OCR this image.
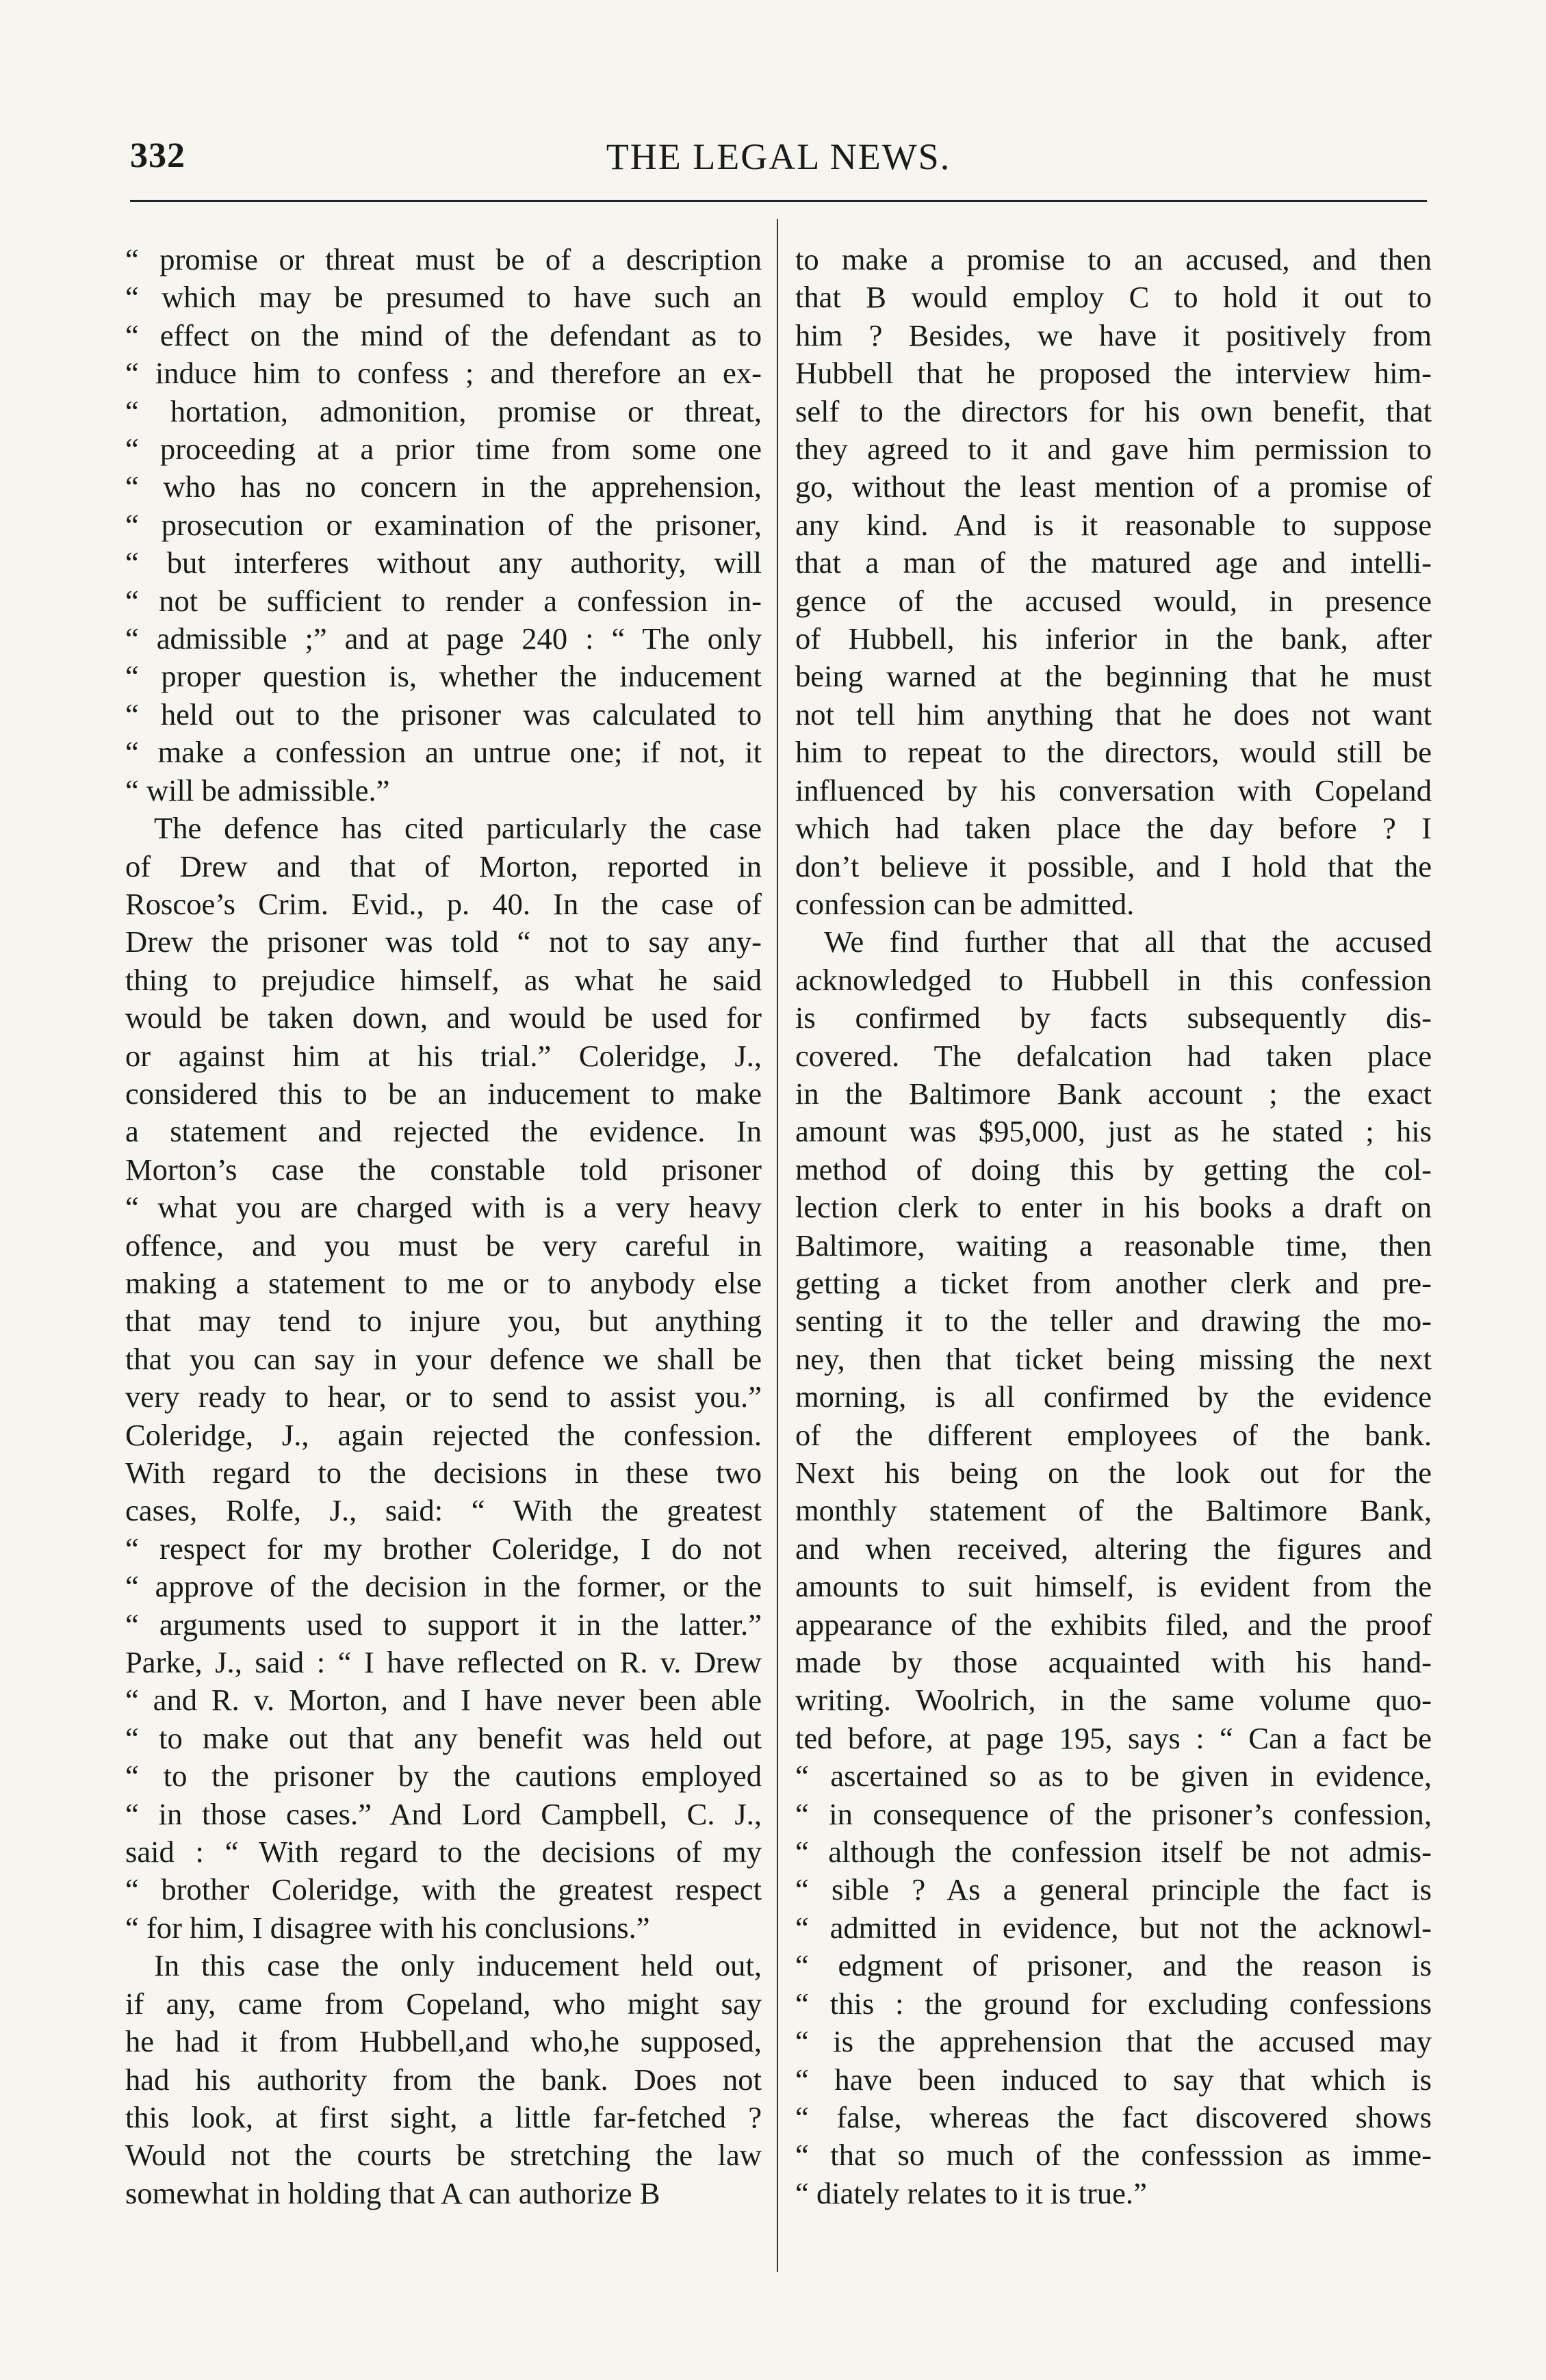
332	THE LEGAL NEWS.
“ promise or threat must be of a description
“ which may be presumed to have such an
“ effect on the mind of the defendant as to
“ induce him to confess ; and therefore an ex-
“ hortation, admonition, promise or threat,
“ proceeding at a prior time from some one
“ who has no concern in the apprehension,
“ prosecution or examination of the prisoner,
“ but interferes without any authority, will
“ not be sufficient to render a confession in-
“ admissible ;” and at page 240 : “ The only
“ proper question is, whether the inducement
“ held out to the prisoner was calculated to
“ make a confession an untrue one; if not, it
“ will be admissible.”
The defence has cited particularly the case
of Drew and that of Morton, reported in
Roscoe’s Crim. Evid., p. 40. In the case of
Drew the prisoner was told “ not to say any-
thing to prejudice himself, as what he said
would be taken down, and would be used for
or against him at his trial.” Coleridge, J.,
considered this to be an inducement to make
a statement and rejected the evidence. In
Morton’s case the constable told prisoner
“ what you are charged with is a very heavy
offence, and you must be very careful in
making a statement to me or to anybody else
that may tend to injure you, but anything
that you can say in your defence we shall be
very ready to hear, or to send to assist you.”
Coleridge, J., again rejected the confession.
With regard to the decisions in these two
cases, Rolfe, J., said: “ With the greatest
“ respect for my brother Coleridge, I do not
“ approve of the decision in the former, or the
“ arguments used to support it in the latter.”
Parke, J., said : “ I have reflected on R. v. Drew
“ and R. v. Morton, and I have never been able
“ to make out that any benefit was held out
“ to the prisoner by the cautions employed
“ in those cases.” And Lord Campbell, C. J.,
said : “ With regard to the decisions of my
“ brother Coleridge, with the greatest respect
“ for him, I disagree with his conclusions.”
In this case the only inducement held out,
if any, came from Copeland, who might say
he had it from Hubbell,and who,he supposed,
had his authority from the bank. Does not
this look, at first sight, a little far-fetched ?
Would not the courts be stretching the law
somewhat in holding that A can authorize B
to make a promise to an accused, and then
that B would employ C to hold it out to
him ? Besides, we have it positively from
Hubbell that he proposed the interview him-
self to the directors for his own benefit, that
they agreed to it and gave him permission to
go, without the least mention of a promise of
any kind. And is it reasonable to suppose
that a man of the matured age and intelli-
gence of the accused would, in presence
of Hubbell, his inferior in the bank, after
being warned at the beginning that he must
not tell him anything that he does not want
him to repeat to the directors, would still be
influenced by his conversation with Copeland
which had taken place the day before ? I
don’t believe it possible, and I hold that the
confession can be admitted.
We find further that all that the accused
acknowledged to Hubbell in this confession
is confirmed by facts subsequently dis-
covered. The defalcation had taken place
in the Baltimore Bank account ; the exact
amount was $95,000, just as he stated ; his
method of doing this by getting the col-
lection clerk to enter in his books a draft on
Baltimore, waiting a reasonable time, then
getting a ticket from another clerk and pre-
senting it to the teller and drawing the mo-
ney, then that ticket being missing the next
morning, is all confirmed by the evidence
of the different employees of the bank.
Next his being on the look out for the
monthly statement of the Baltimore Bank,
and when received, altering the figures and
amounts to suit himself, is evident from the
appearance of the exhibits filed, and the proof
made by those acquainted with his hand-
writing. Woolrich, in the same volume quo-
ted before, at page 195, says : “ Can a fact be
“ ascertained so as to be given in evidence,
“ in consequence of the prisoner’s confession,
“ although the confession itself be not admis-
“ sible ? As a general principle the fact is
“ admitted in evidence, but not the acknowl-
“ edgment of prisoner, and the reason is
“ this : the ground for excluding confessions
“ is the apprehension that the accused may
“ have been induced to say that which is
“ false, whereas the fact discovered shows
“ that so much of the confesssion as imme-
“ diately relates to it is true.”
